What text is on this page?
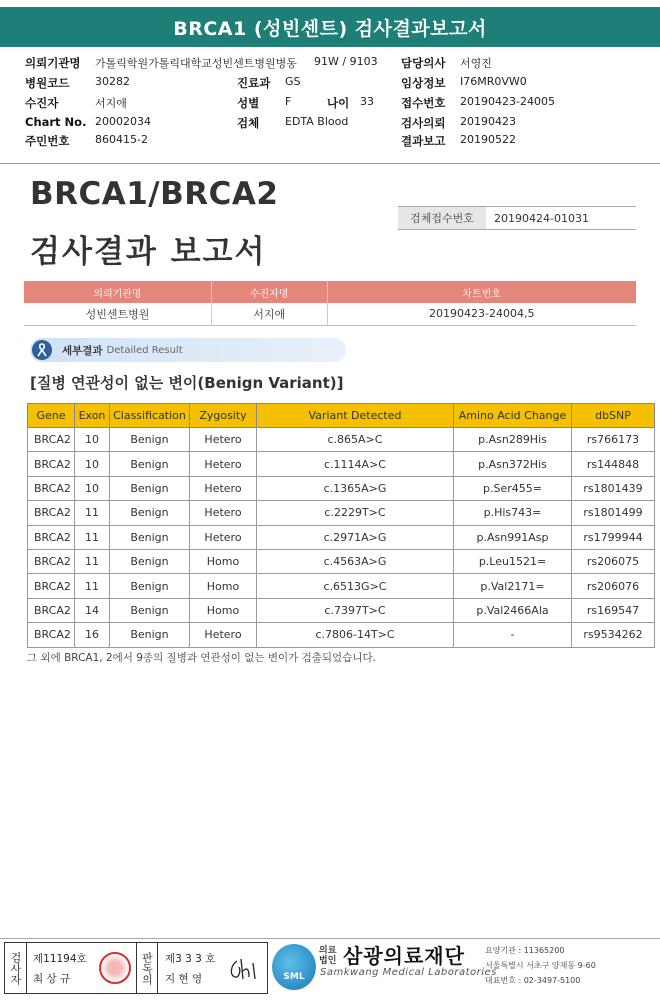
BRCA1 (성빈센트) 검사결과보고서
의뢰기관명 가톨릭학원가톨릭대학교성빈센트병원병동 91W / 9103 담당의사 서영진
병원코드 30282	진료과 GS	임상정보 I76MR0VW0
수진자	서지애	성별 F	나이 33 접수번호 20190423-24005
Chart No. 20002034	검체 EDTA Blood	검사의뢰 20190423
주민번호 860415-2	결과보고 20190522
BRCA1/BRCA2
검사결과 보고서
검체접수번호	20190424-01031
의뢰기관명	수진자명	차트번호
성빈센트병원	서지애	20190423-24004,5
세부결과 Detailed Result
[질병 연관성이 없는 변이(Benign Variant)]
Gene	Exon	Classification	Zygosity	Variant Detected	Amino Acid Change	dbSNP
BRCA2	10	Benign	Hetero	c.865A>C	p.Asn289His	rs766173
BRCA2	10	Benign	Hetero	c.1114A>C	p.Asn372His	rs144848
BRCA2	10	Benign	Hetero	c.1365A>G	p.Ser455=	rs1801439
BRCA2	11	Benign	Hetero	c.2229T>C	p.His743=	rs1801499
BRCA2	11	Benign	Hetero	c.2971A>G	p.Asn991Asp	rs1799944
BRCA2	11	Benign	Homo	c.4563A>G	p.Leu1521=	rs206075
BRCA2	11	Benign	Homo	c.6513G>C	p.Val2171=	rs206076
BRCA2	14	Benign	Homo	c.7397T>C	p.Val2466Ala	rs169547
BRCA2	16	Benign	Hetero	c.7806-14T>C	-	rs9534262
그 외에 BRCA1, 2에서 9종의 질병과 연관성이 없는 변이가 검출되었습니다.
검사자 제11194호
최 상 규	판독의 제3 3 3 호
지 현 영	SML
의료법인 삼광의료재단
Samkwang Medical Laboratories
요양기관 : 11365200
서울특별시 서초구 양재동 9-60
대표번호 : 02-3497-5100
